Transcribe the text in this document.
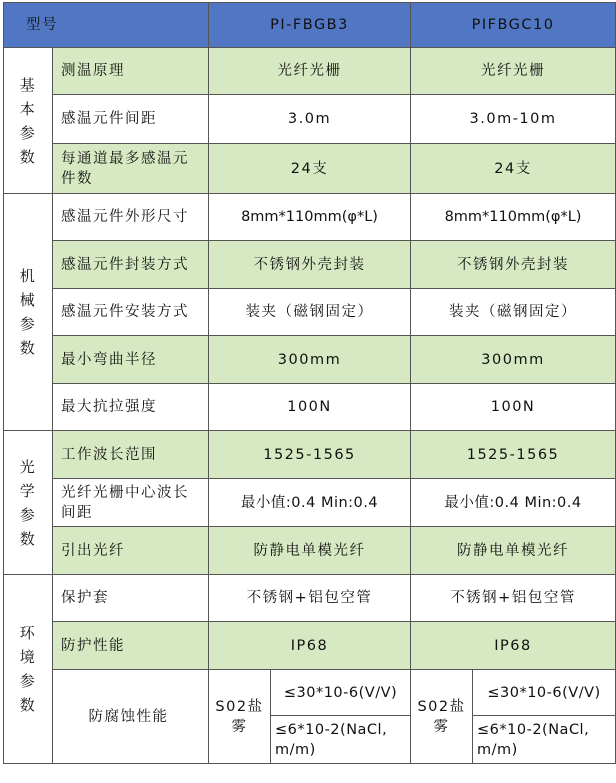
型号		PI-FBGB3		PIFBGC10	

基
本
参
数	测温原理	光纤光栅		光纤光栅	
	感温元件间距	3.0m		3.0m-10m	
	每通道最多感温元件数	24支		24支	

机
械
参
数	感温元件外形尺寸	8mm*110mm(φ*L)		8mm*110mm(φ*L)	
	感温元件封装方式	不锈钢外壳封装		不锈钢外壳封装	
	感温元件安装方式	装夹（磁钢固定）		装夹（磁钢固定）	
	最小弯曲半径	300mm		300mm	
	最大抗拉强度	100N		100N	

光
学
参
数	工作波长范围	1525-1565		1525-1565	
	光纤光栅中心波长间距	最小值:0.4 Min:0.4		最小值:0.4 Min:0.4	
	引出光纤	防静电单模光纤		防静电单模光纤	

环
境
参
数	保护套	不锈钢+铝包空管		不锈钢+铝包空管	
	防护性能	IP68		IP68	
	防腐蚀性能	S02盐雾	≤30*10-6(V/V)	S02盐雾	≤30*10-6(V/V)
			≤6*10-2(NaCl, m/m)		≤6*10-2(NaCl, m/m)
